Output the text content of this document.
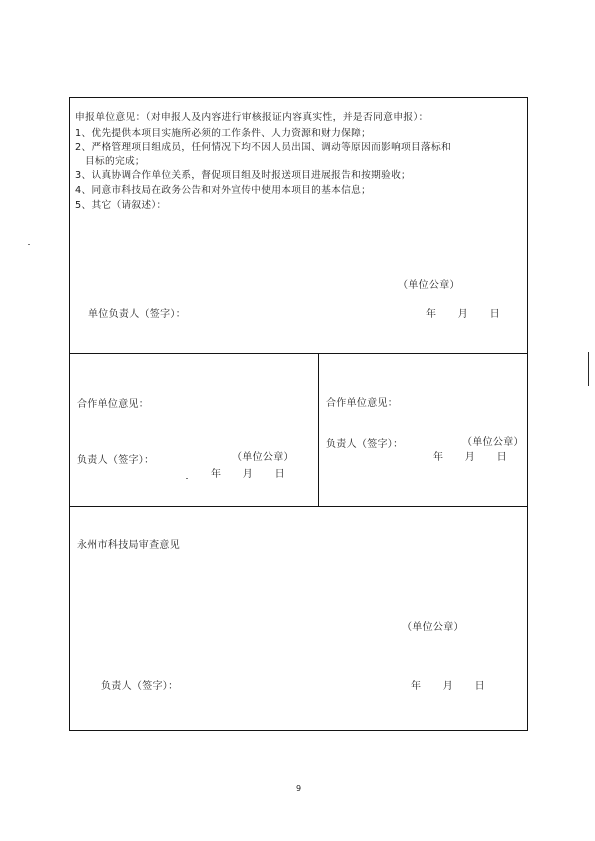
申报单位意见：（对申报人及内容进行审核报证内容真实性，并是否同意申报）：
1、优先提供本项目实施所必须的工作条件、人力资源和财力保障；
2、严格管理项目组成员，任何情况下均不因人员出国、调动等原因而影响项目落标和
目标的完成；
3、认真协调合作单位关系，督促项目组及时报送项目进展报告和按期验收；
4、同意市科技局在政务公告和对外宣传中使用本项目的基本信息；
5、其它（请叙述）：
（单位公章）
单位负责人（签字）：	年　　月　　日
合作单位意见：
（单位公章）
负责人（签字）：
年　　月　　日
合作单位意见：
（单位公章）
负责人（签字）：
年　　月　　日
永州市科技局审查意见
（单位公章）
负责人（签字）：	年　　月　　日
9
